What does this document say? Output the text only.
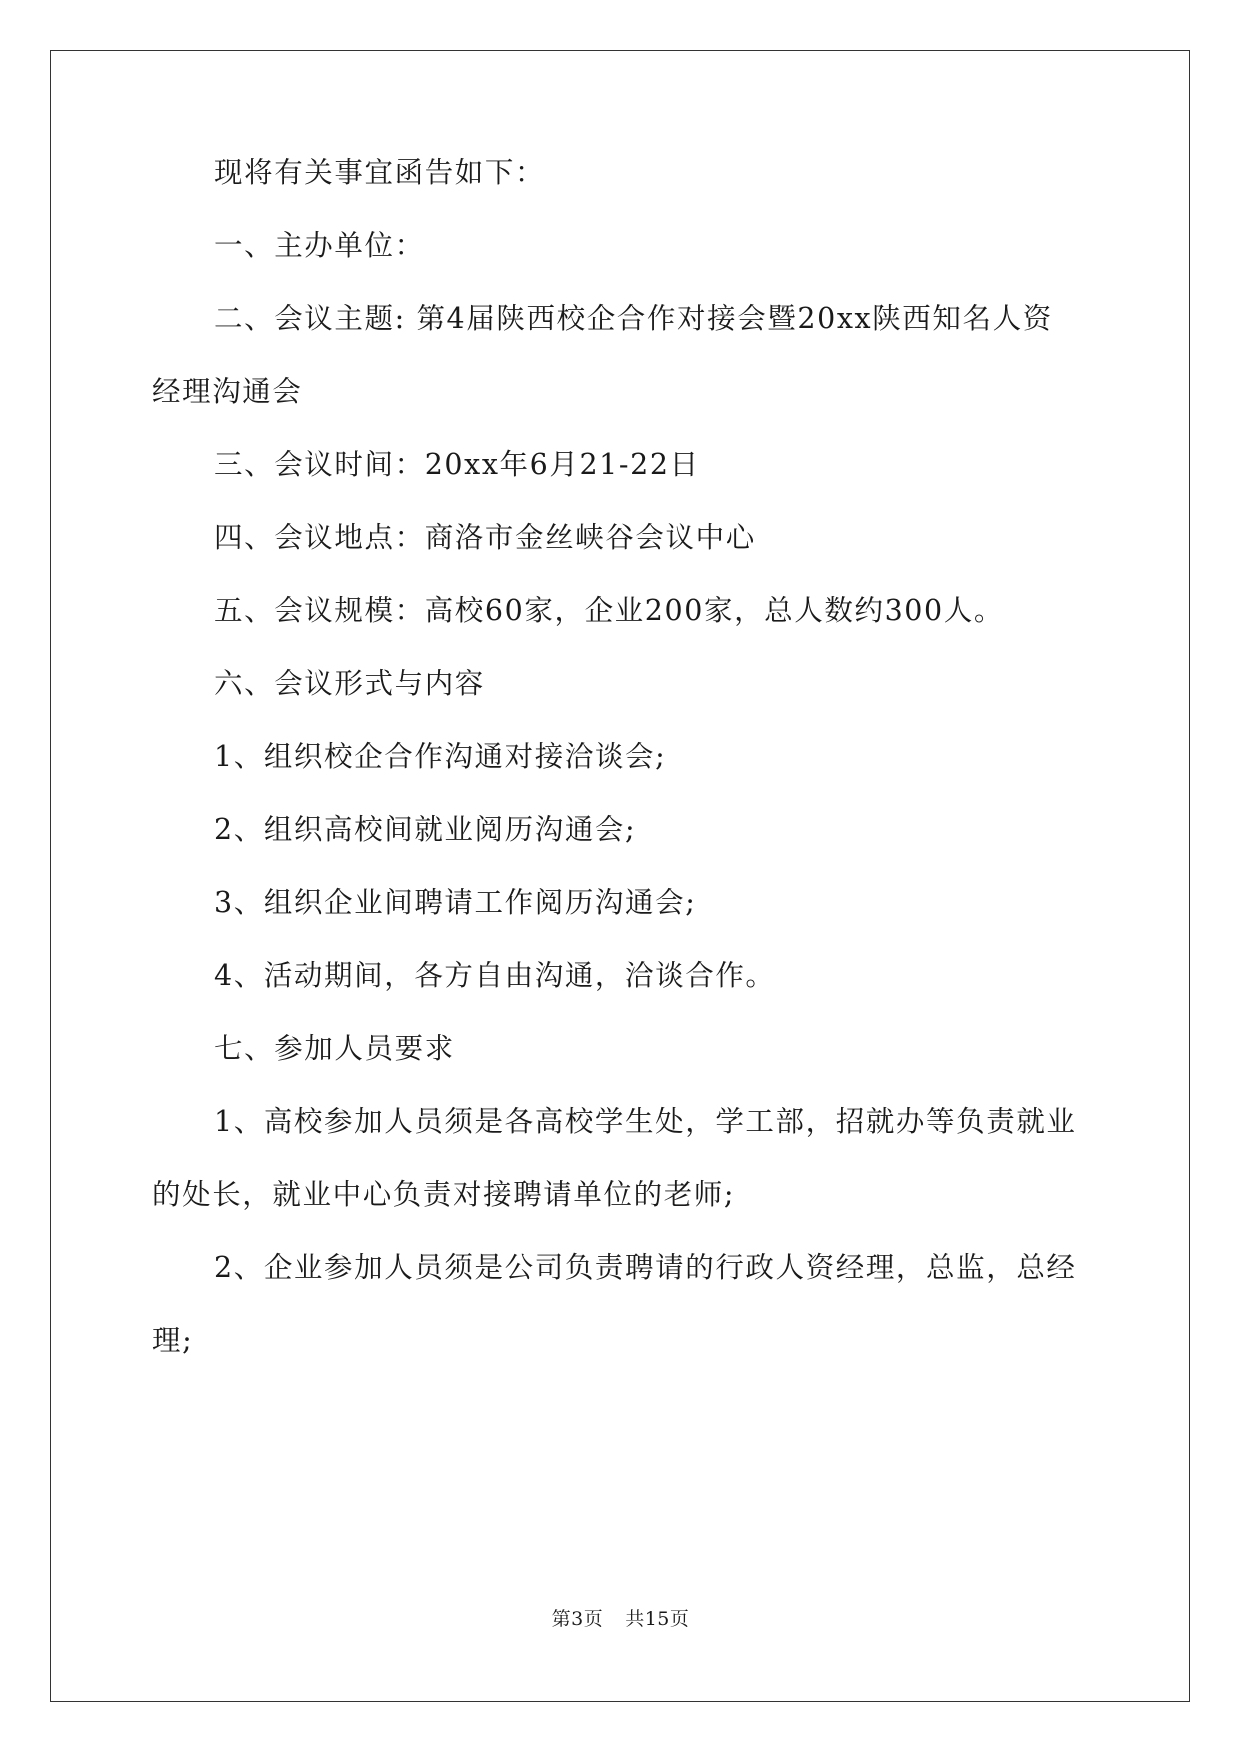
现将有关事宜函告如下：
一、主办单位：
二、会议主题: 第4届陕西校企合作对接会暨20xx陕西知名人资
经理沟通会
三、会议时间：20xx年6月21-22日
四、会议地点：商洛市金丝峡谷会议中心
五、会议规模：高校60家，企业200家，总人数约300人。
六、会议形式与内容
1、组织校企合作沟通对接洽谈会;
2、组织高校间就业阅历沟通会;
3、组织企业间聘请工作阅历沟通会;
4、活动期间，各方自由沟通，洽谈合作。
七、参加人员要求
1、高校参加人员须是各高校学生处，学工部，招就办等负责就业
的处长，就业中心负责对接聘请单位的老师;
2、企业参加人员须是公司负责聘请的行政人资经理，总监，总经
理;
第3页 共15页
